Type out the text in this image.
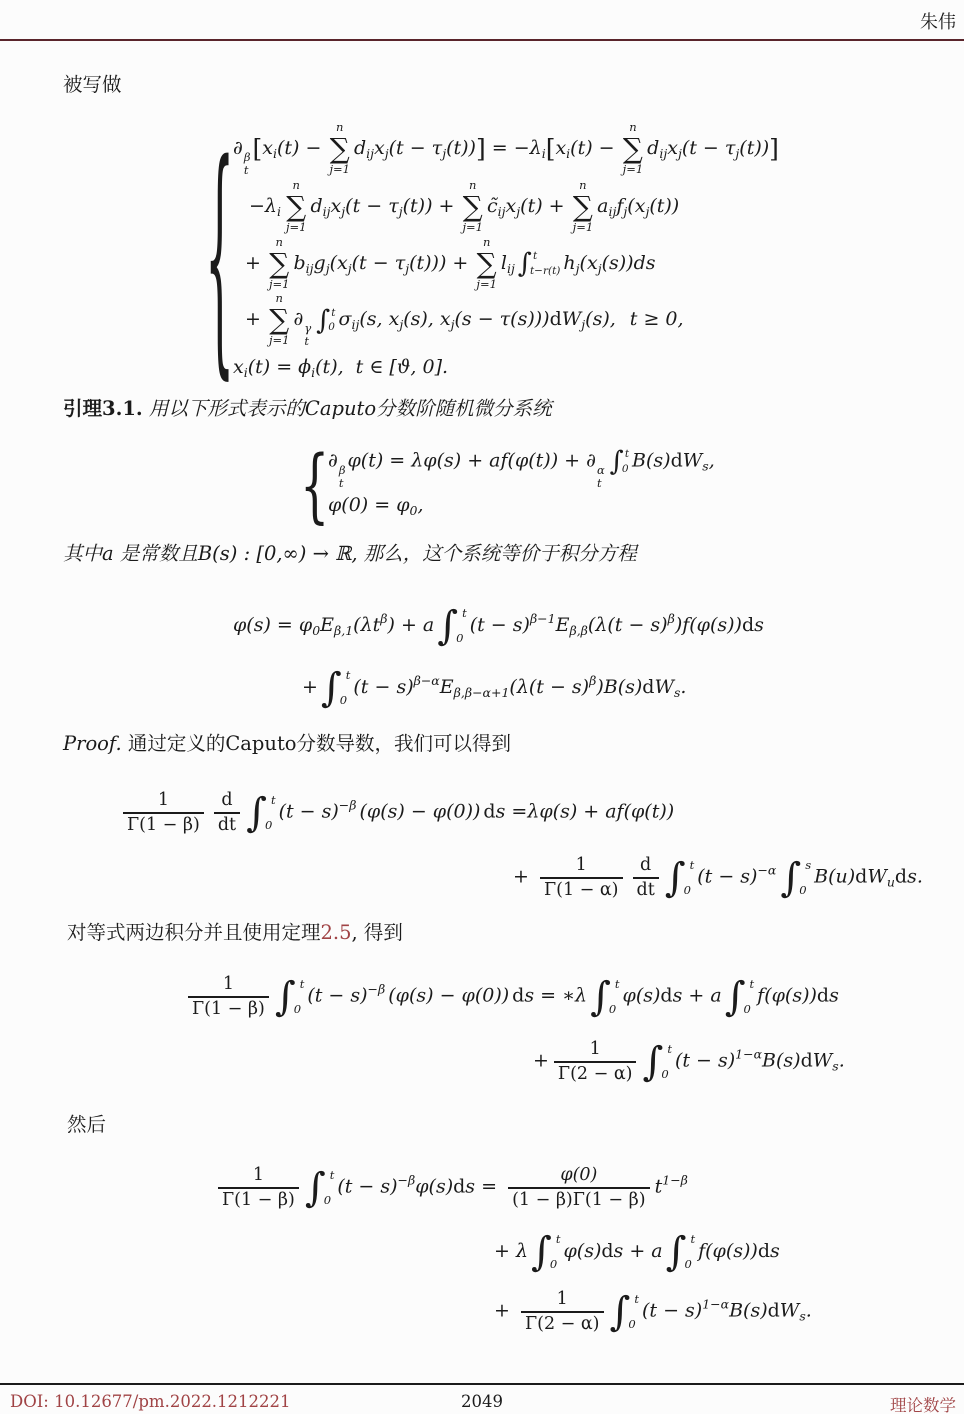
朱伟
被写做
{
∂ β
t
[$x_i(t)$ −
n
∑
j=1
$d_{ij}x_j(t - \tau_j(t))] = -\lambda_i[x_i(t)$ −
n
∑
j=1
$d_{ij}x_j(t - \tau_j(t))$]
$-\lambda_i$
n
∑
j=1
$d_{ij}x_j(t - \tau_j(t))$ +
n
∑
j=1
$c̃_{ij}x_j(t)$ +
n
∑
j=1
$a_{ij}f_j(x_j(t))$
+
n
∑
j=1
$b_{ij}g_j(x_j(t - \tau_j(t)))$ +
n
∑
j=1
$l_{ij}$ ∫ t
t−r(t) $h_j(x_j(s))ds$
+
n
∑
j=1
∂ γ
t
∫ t
0 $\sigma_{ij}(s$, $x_j(s)$, $x_j(s - \tau(s)))dW_j(s)$, t ≥ 0,
$x_i(t) = \phi_i(t)$, t ∈ [ϑ, 0].
引理3.1. 用以下形式表示的Caputo分数阶随机微分系统
{
∂ β
t
φ(t) = λφ(s) + af(φ(t)) + ∂ α
t
∫ t
0 $B(s)dW_s$,
$\varphi(0) = \varphi_0$,
其中a 是常数且B(s) : [0,∞) → ℝ, 那么，这个系统等价于积分方程
$\varphi(s) = \varphi_0E_{\beta,1}(\lambda t^\beta) + a$ ∫ t
0
$(t - s)^{\beta-1}E_{\beta,\beta}(\lambda(t - s)^\beta)f(\varphi(s))ds$
+ ∫ t
0
$(t - s)^{\beta-\alpha}E_{\beta,\beta-\alpha+1}(\lambda(t - s)^\beta)B(s)dW_s$.
Proof. 通过定义的Caputo分数导数，我们可以得到
$\frac{1}{\Gamma(1 - \beta)} \frac{d}{dt}$ ∫ t
0
$(t - s)^{-\beta}$ (φ(s) − φ(0)) ds =λφ(s) + af(φ(t))
+ $\frac{1}{\Gamma(1 - \alpha)} \frac{d}{dt}$ ∫ t
0
$(t - s)^{-\alpha}$ ∫ s
0
$B(u)dW_uds$.
对等式两边积分并且使用定理2.5, 得到
$\frac{1}{\Gamma(1 - \beta)}$ ∫ t
0
$(t - s)^{-\beta}$ (φ(s) − φ(0)) ds = ∗λ ∫ t
0
φ(s)ds + a ∫ t
0
f(φ(s))ds
+ $\frac{1}{\Gamma(2 - \alpha)}$ ∫ t
0
$(t - s)^{1-\alpha}B(s)dW_s$.
然后
$\frac{1}{\Gamma(1 - \beta)}$ ∫ t
0
$(t - s)^{-\beta}\varphi(s)ds = \frac{\varphi(0)}{(1 - \beta)\Gamma(1 - \beta)} t^{1-\beta}$
+ λ ∫ t
0
φ(s)ds + a ∫ t
0
f(φ(s))ds
+ $\frac{1}{\Gamma(2 - \alpha)}$ ∫ t
0
$(t - s)^{1-\alpha}B(s)dW_s$.
DOI: 10.12677/pm.2022.1212221	2049	理论数学
